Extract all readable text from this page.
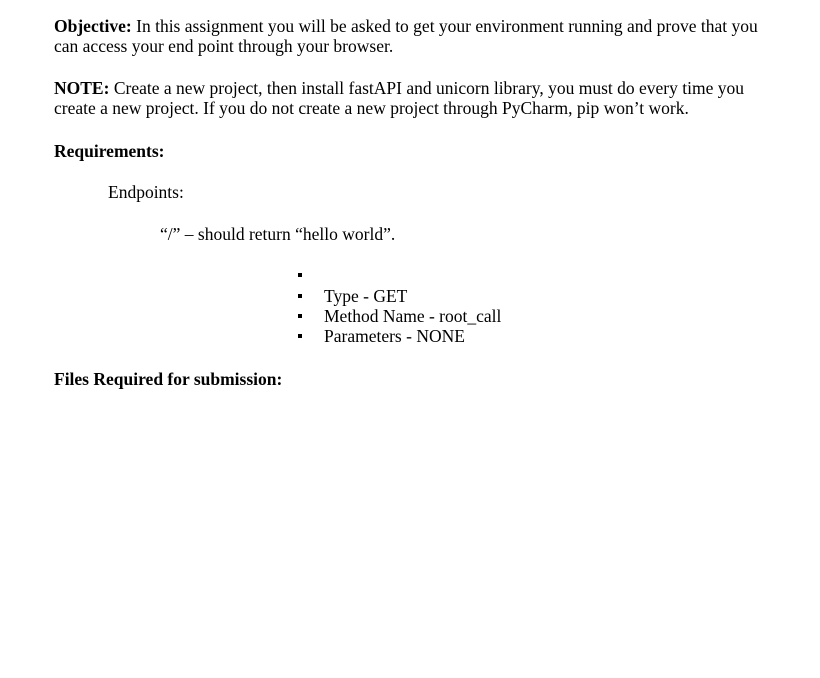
Objective: In this assignment you will be asked to get your environment running and prove that you can access your end point through your browser.

NOTE: Create a new project, then install fastAPI and unicorn library, you must do every time you create a new project. If you do not create a new project through PyCharm, pip won’t work.

Requirements:

Endpoints:

“/” – should return “hello world”.

Type - GET
Method Name - root_call
Parameters - NONE

Files Required for submission:
